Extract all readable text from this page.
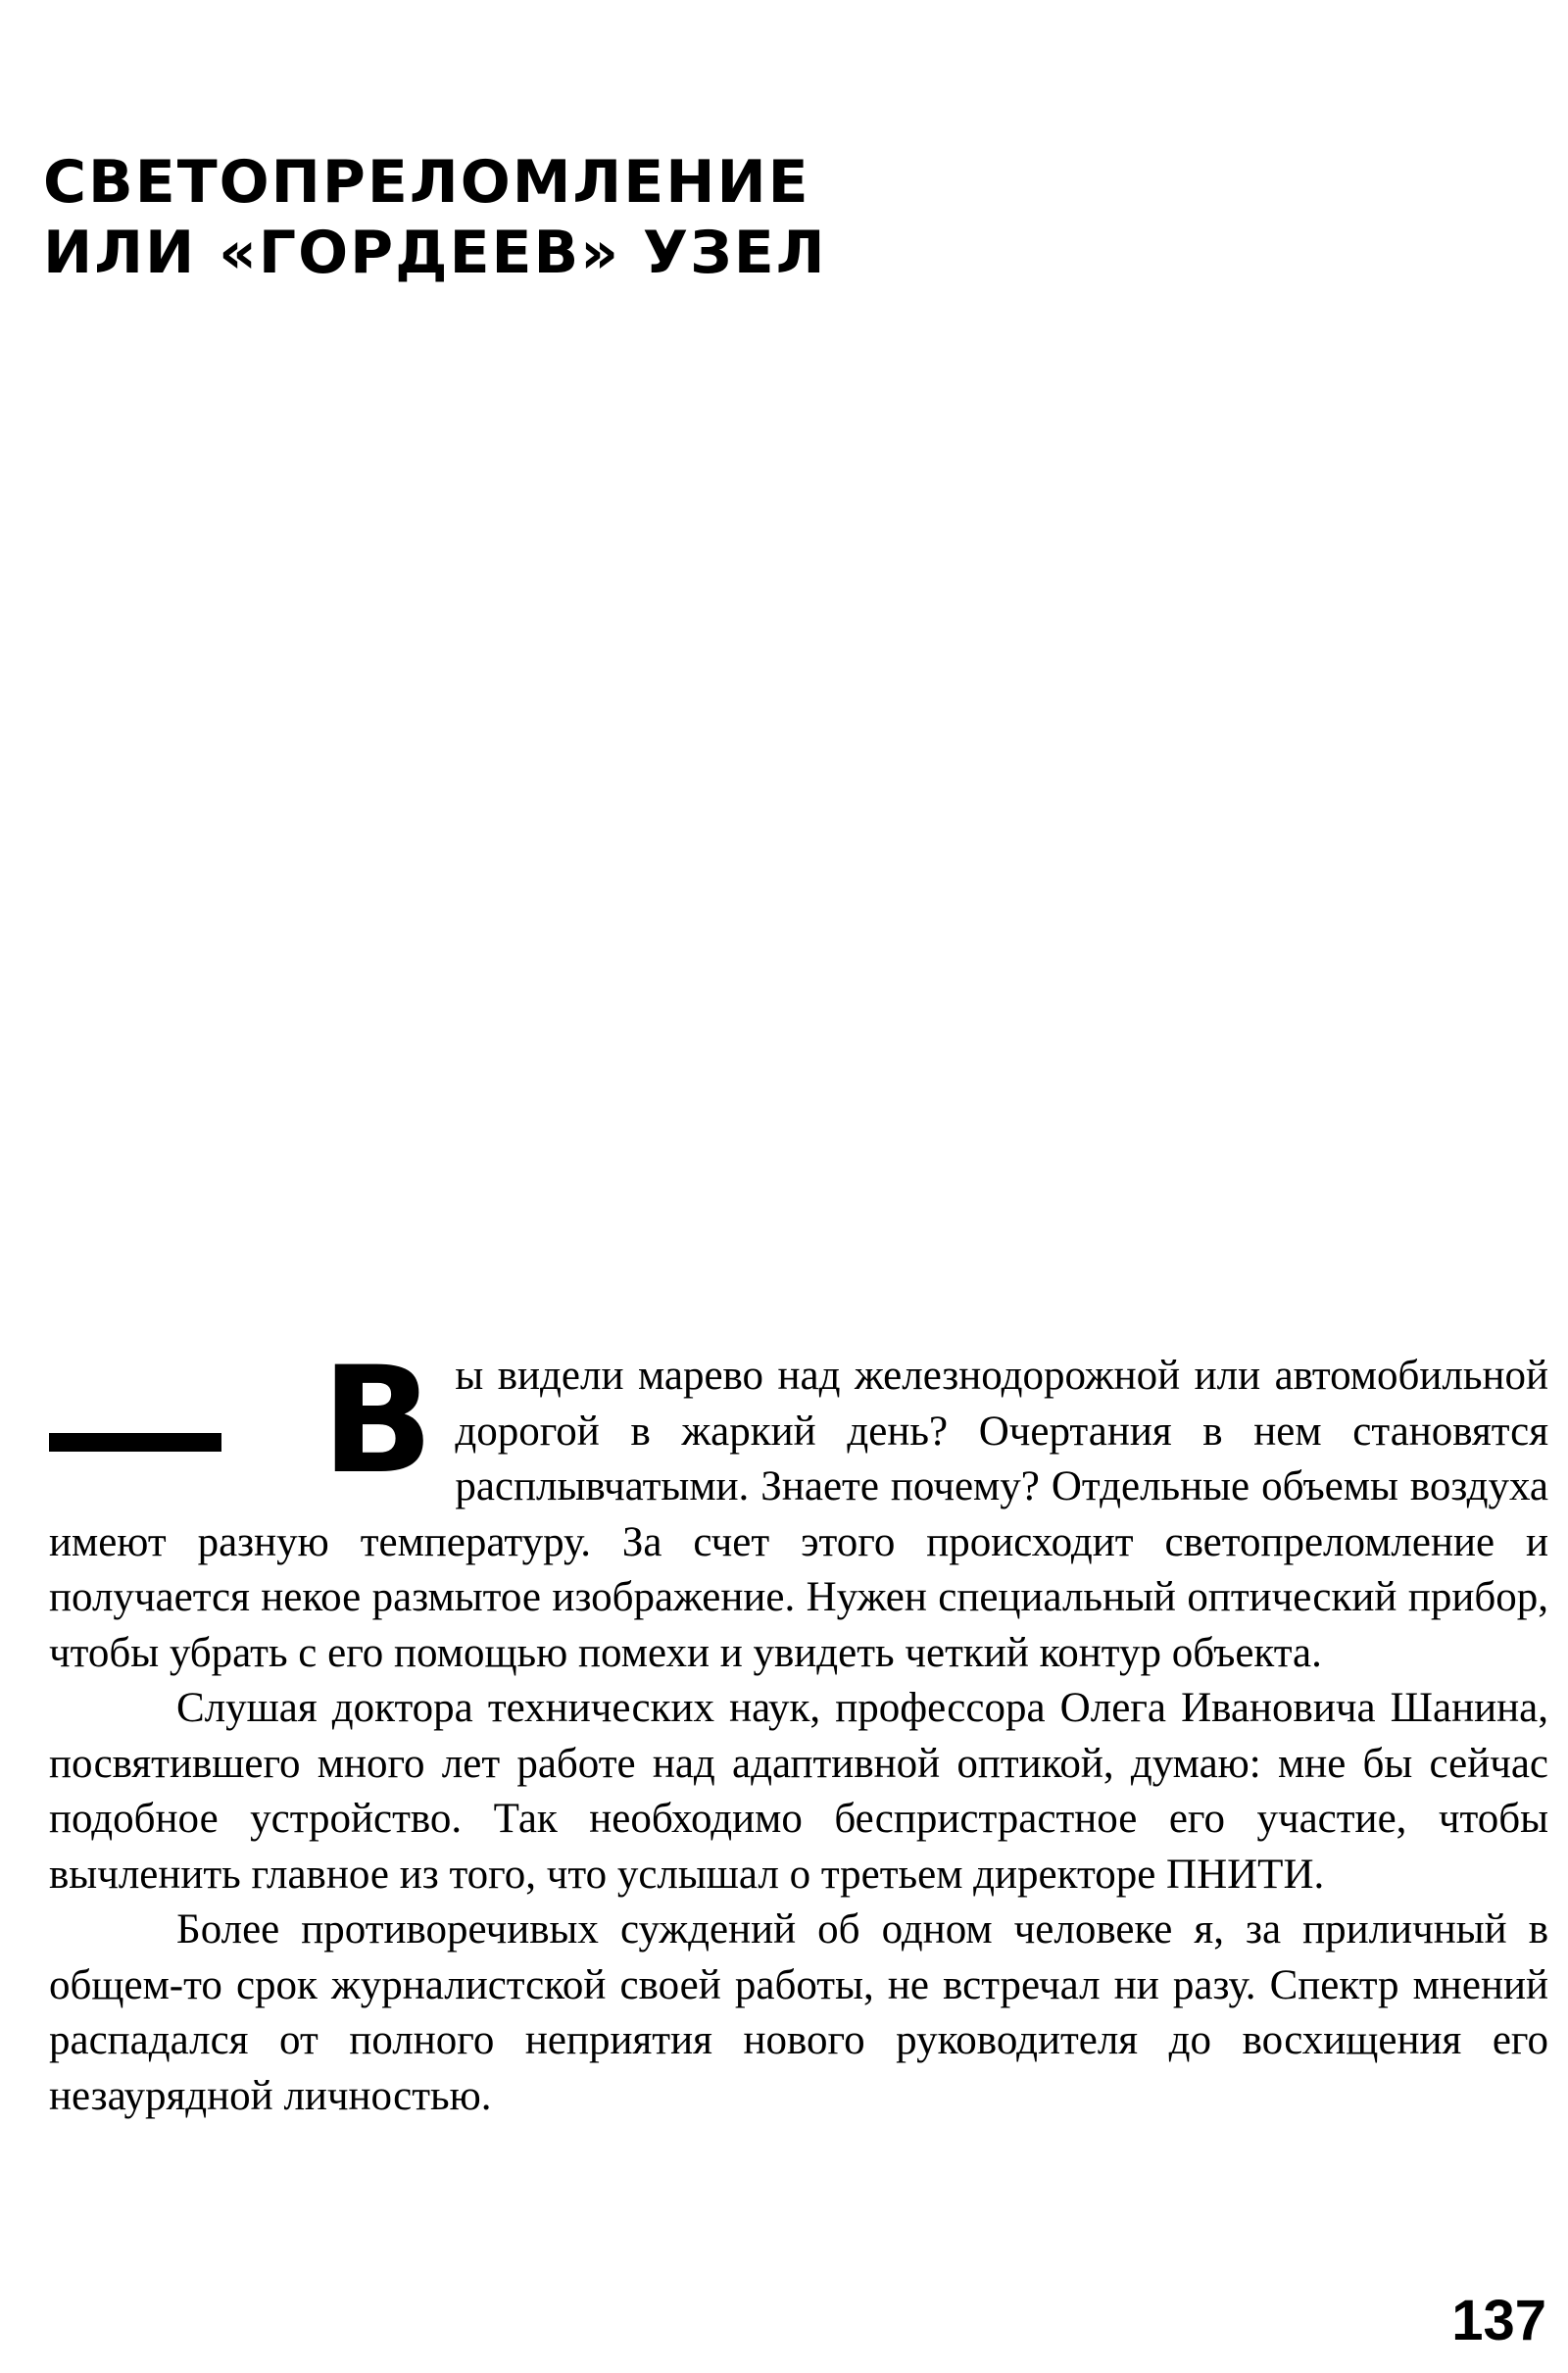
СВЕТОПРЕЛОМЛЕНИЕ
ИЛИ «ГОРДЕЕВ» УЗЕЛ

В ы видели марево над железнодорожной или автомобильной дорогой в жаркий день? Очертания в нем становятся расплывчатыми. Знаете почему? Отдельные объемы воздуха имеют разную температуру. За счет этого происходит светопреломление и получается некое размытое изображение. Нужен специальный оптический прибор, чтобы убрать с его помощью помехи и увидеть четкий контур объекта.

Слушая доктора технических наук, профессора Олега Ивановича Шанина, посвятившего много лет работе над адаптивной оптикой, думаю: мне бы сейчас подобное устройство. Так необходимо беспристрастное его участие, чтобы вычленить главное из того, что услышал о третьем директоре ПНИТИ.

Более противоречивых суждений об одном человеке я, за приличный в общем-то срок журналистской своей работы, не встречал ни разу. Спектр мнений распадался от полного неприятия нового руководителя до восхищения его незаурядной личностью.

137
